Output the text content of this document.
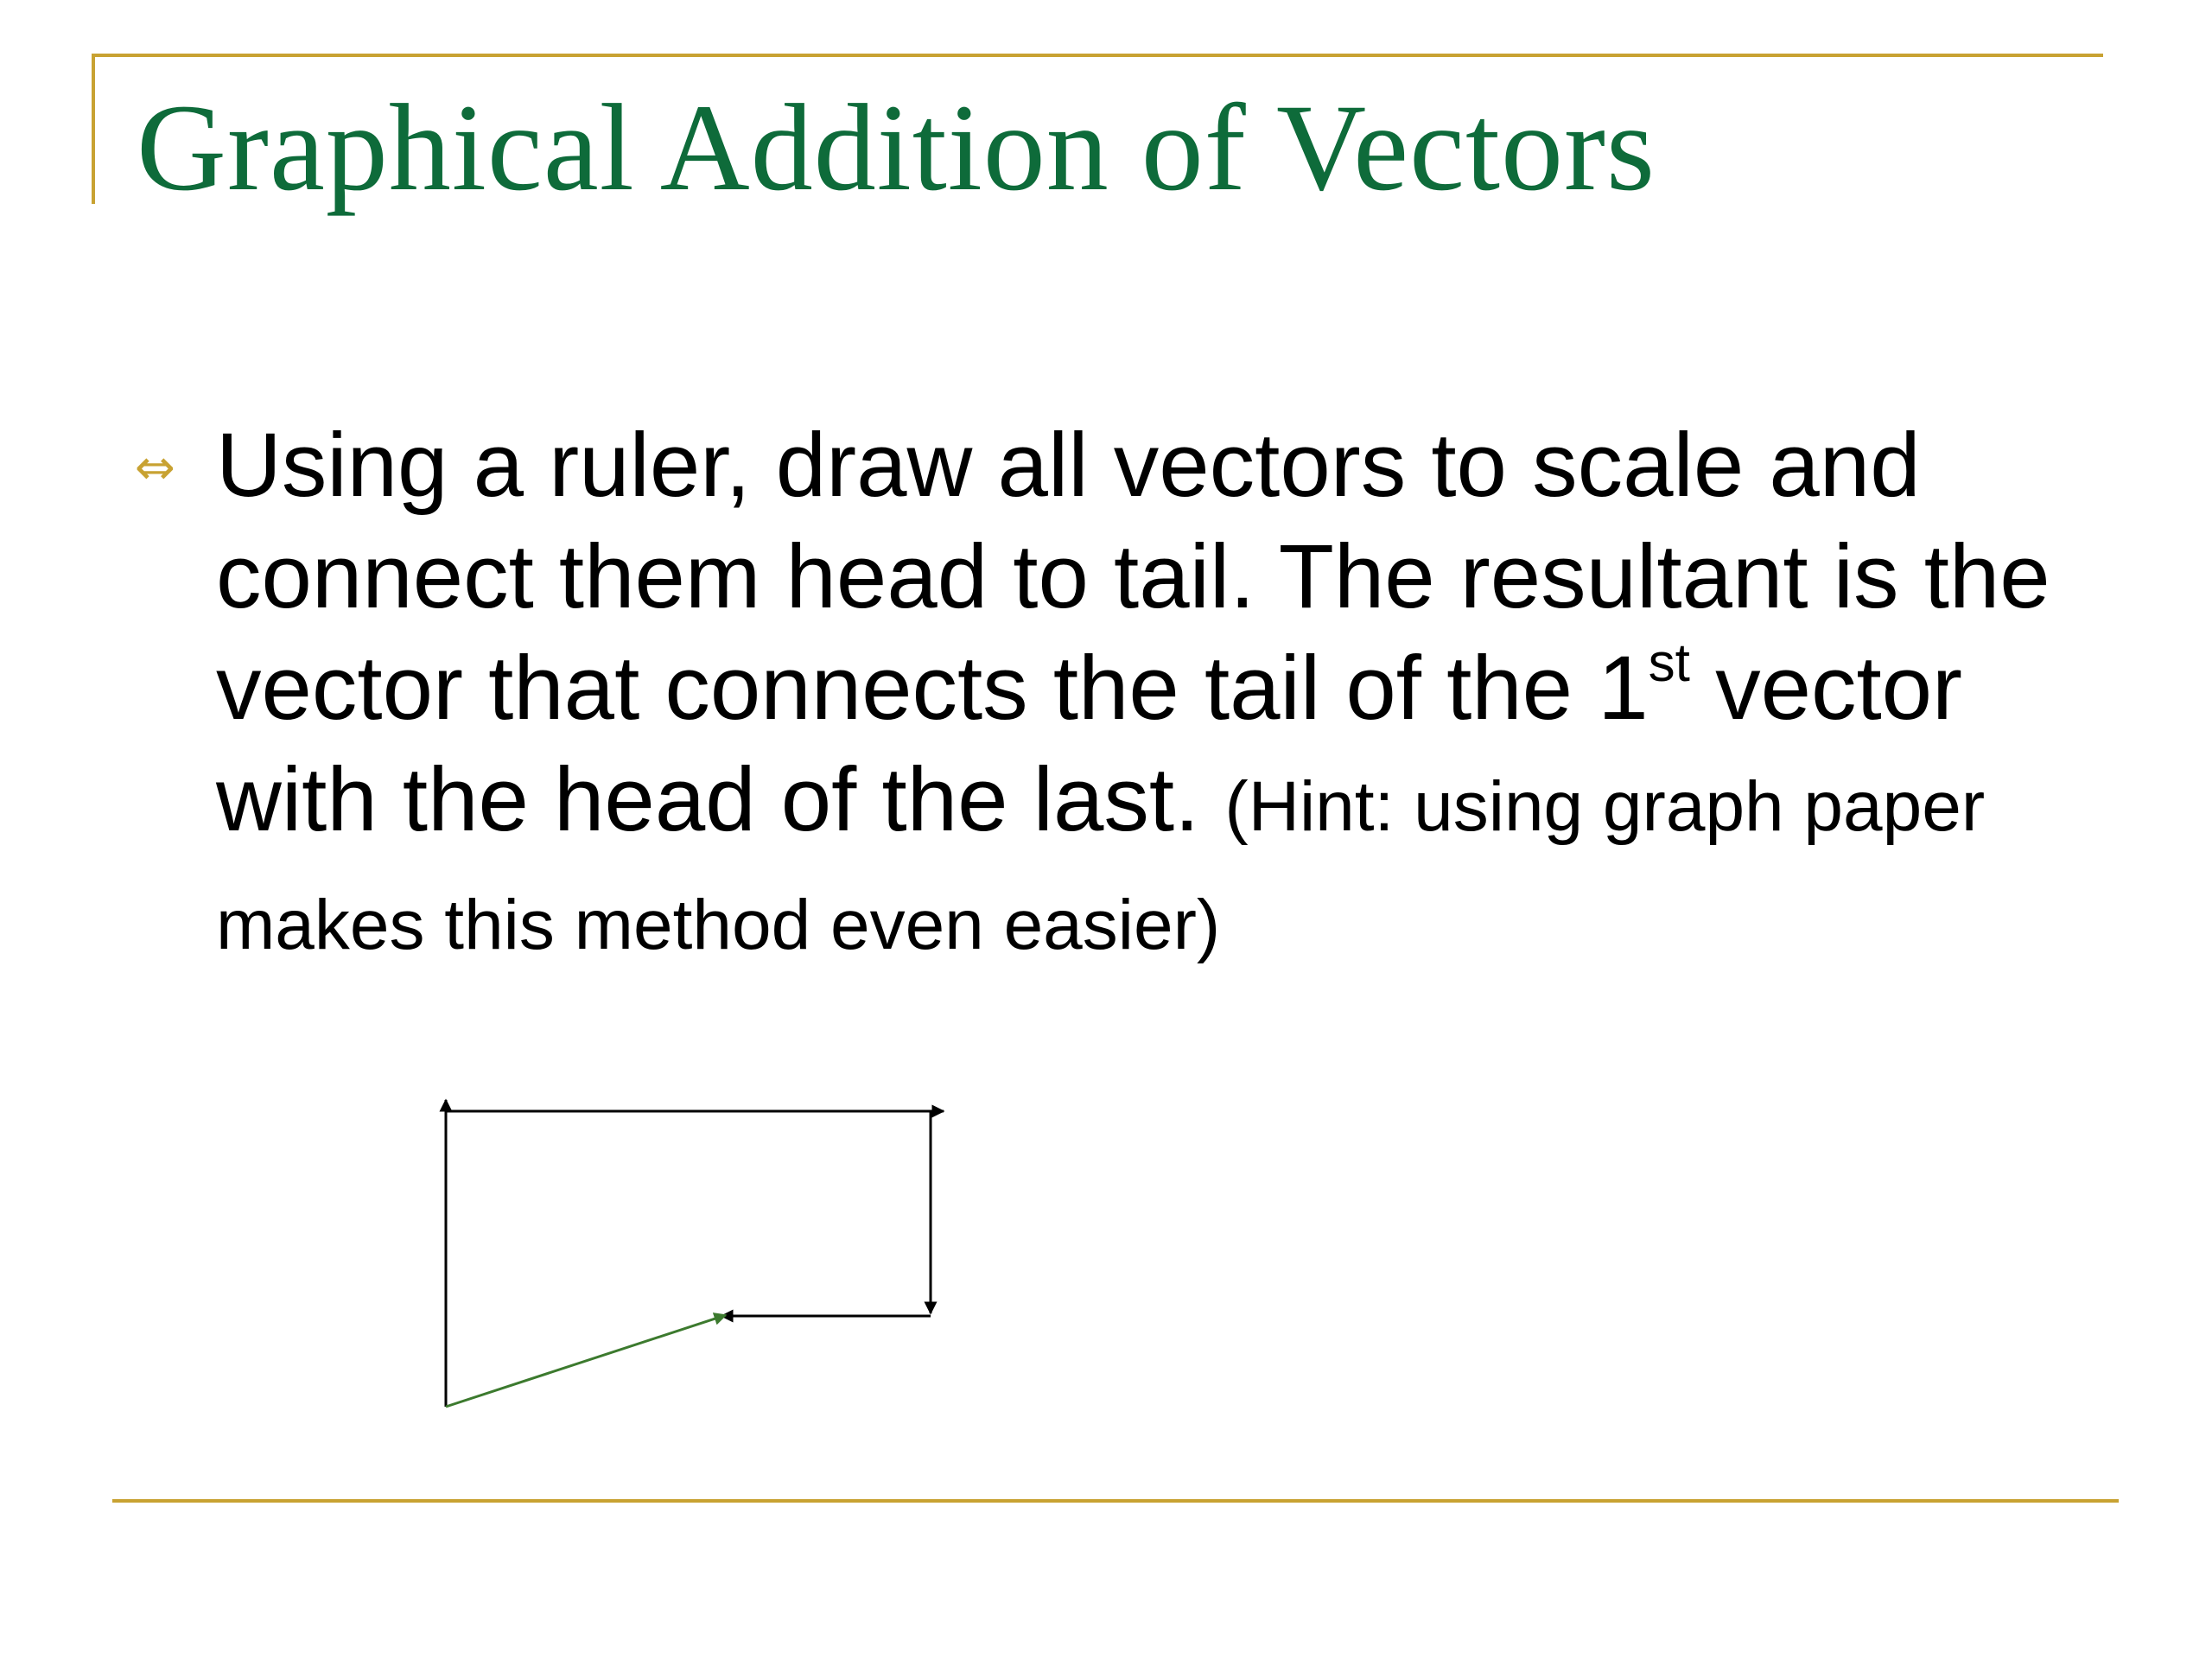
Graphical Addition of Vectors
⇔ Using a ruler, draw all vectors to scale and connect them head to tail. The resultant is the vector that connects the tail of the 1st vector with the head of the last. (Hint: using graph paper makes this method even easier)
